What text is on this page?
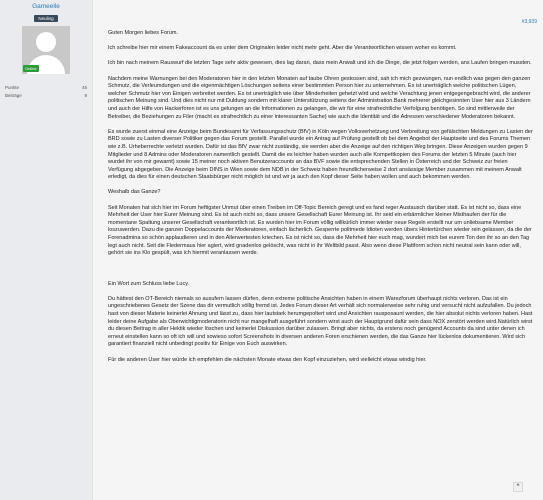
Gameelle
Neuling
Online
Punkte	45
Beiträge	9
#3,939

Guten Morgen liebes Forum.

Ich schreibe hier mir einem Fakeaccount da es unter dem Originalen leider nicht mehr geht. Aber die Verantwortlichen wissen woher es kommt.

Ich bin nach meinem Rauswurf die letzten Tage sehr aktiv gewesen, dies lag daran, dass mein Anwalt und ich die Dinge, die jetzt folgen werden, ans Laufen bringen mussten.

Nachdem meine Warnungen bei den Moderatoren hier in den letzten Monaten auf taube Ohren gestossen sind, sah ich mich gezwungen, nun endlich was gegen den ganzen Schmutz, die Verleumdungen und die eigenmächtigen Löschungen seitens einer bestimmten Person hier zu unternehmen. Es ist unerträglich welche politischen Lügen, welcher Schmutz hier von Einigen verbreitet werden. Es ist unerträglich wie über Minderheiten gehetzt wird und welche Verachtung jenen entgegengebracht wird, die anderer politischen Meinung sind. Und dies nicht nur mit Duldung sondern mit klarer Unterstützung seitens der Administration.Bank mehrerer gleichgesinnten User hier aus 3 Ländern und auch der Hilfe von Hackerforen ist es uns gelungen an die Informationen zu gelangen, die wir für eine strafrechtliche Verfolgung benötigen. So sind mittlerweile der Betreiber, die Beziehungen zu Filer (macht es strafrechtlich zu einer interessanten Sache) wie auch die Identität und die Adressen verschiedener Moderatoren bekannt.

Es wurde zuerst einmal eine Anzeige beim Bundesamt für Verfassungsschutz (BfV) in Köln wegen Volksverhetzung und Verbreitung von gefälschten Meldungen zu Lasten der BRD sowie zu Lasten diverser Politiker gegen das Forum gestellt. Parallel wurde ein Antrag auf Prüfung gestellt ob bei dem Angebot der Hauptseite und des Forums Themen wie z.B. Urheberrechte verletzt wurden. Dafür ist das BfV zwar nicht zuständig, sie werden aber die Anzeige auf den richtigen Weg bringen. Diese Anzeigen wurden gegen 9 Mitglieder und 8 Admins oder Moderatoren namentlich gestellt. Damit die es leichter haben wurden auch alle Kompettkopien des Forums der letzten 5 Minute (auch hier wurdet ihr von mir gewarnt) sowie 15 meiner noch aktiven Benutzeraccounts an das BVF sowie die entsprechenden Stellen in Österreich und der Schweiz zur freien Verfügung abgegeben. Die Anzeige beim DINS in Wien sowie dem NDB in der Schweiz haben freundlicherweise 2 dort ansässige Member zusammen mit meinem Anwalt erledigt, da dies für einen deutschen Staatsbürger nicht möglich ist und wir ja auch den Kopf dieser Seite haben wollen und auch bekommen werden.

Weshalb das Ganze?

Seit Monaten hat sich hier im Forum heftigster Unmut über einen Treiben im Off-Topic Bereich geregt und es fand reger Austausch darüber statt. Es ist nicht so, dass eine Mehrheit der User hier Eurer Meinung sind. Es ist auch nicht so, dass unsere Gesellschaft Eurer Meinung ist. Ihr seid ein erbärmlicher kleiner Misthaufen der für die momentane Spaltung unserer Gesellschaft verantwortlich ist. Es wurden hier im Forum völlig willkürlich immer wieder neue Regeln erstellt nur um unliebsame Member loszuwerden. Dazu die ganzen Doppelaccounts der Moderatoren, einfach lächerlich. Gesperrte politmede Idioten werden übers Hintertürchen wieder rein gelassen, da die der Forenadmina so schön applaudieren und in den Allerwertesten kriechen. Es ist nicht so, dass die Mehrheit hier euch mag, wundert mich bei eurem Ton den ihr so an den Tag legt auch nicht. Seit die Fledermaus hier agiert, wird gnadenlos gelöscht, was nicht in ihr Weltbild passt. Also wenn diese Plattform schon nicht neutral sein kann oder will, gehört sie ins Klo gespült, was ich hiermit veranlassen werde.

Ein Wort zum Schluss liebe Lucy.

Du hättest den OT-Bereich niemals so ausufern lassen dürfen, denn extreme politische Ansichten haben in einem Warezforum überhaupt nichts verloren. Das ist ein ungeschriebenes Gesetz der Szene das dir vermutlich völlig fremd ist. Jedes Forum dieser Art verhält sich normalerweise sehr ruhig und versucht nicht aufzufallen. Du jedoch hast von dieser Materie keinerlei Ahnung und lässt zu, dass hier lautstark herumgepoltert wird und Ansichten rausposaunt werden, die hier absolut nichts verloren haben. Hast leider deine Aufgabe als Oberwichtigmoderatorin nicht nur mangelhaft ausgeführt sondern wirst auch der Hauptgrund dafür sein dass NOX zerstört werden wird.Natürlich wirst du diesen Beitrag in aller Hektik wieder löschen und keinerlei Diskussion darüber zulassen. Bringt aber nichts, da erstens noch genügend Accounts da sind unter denen ich erneut einstellen kann so oft ich will und sowieso sofort Screenshots in diversen anderen Foren erschienen werden, die das Ganze hier lückenlos dokumentieren. Wird sich garantiert finanziell nicht unbedingt positiv für Einige von Euch auswirken.

Für die anderen User hier würde ich empfehlen die nächsten Monate etwas den Kopf einzuziehen, wird vielleicht etwas windig hier.

❝
